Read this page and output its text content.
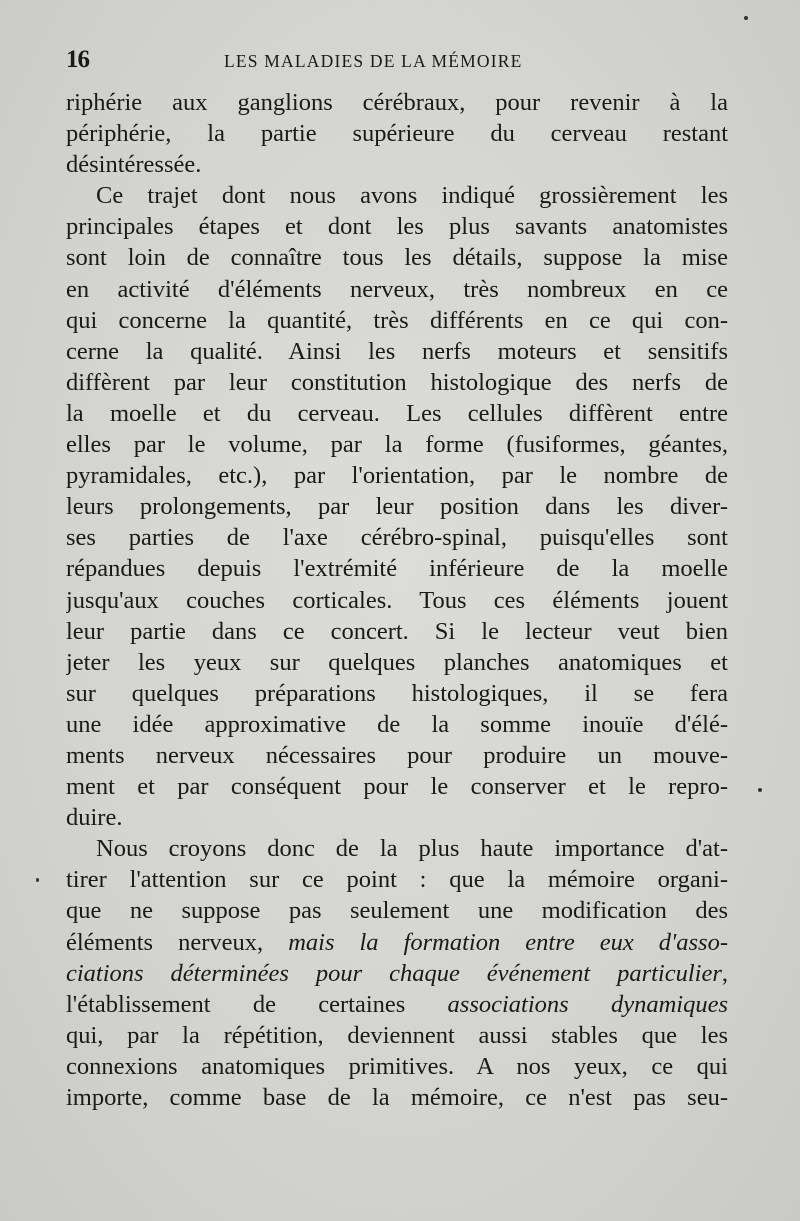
16	LES MALADIES DE LA MÉMOIRE
riphérie aux ganglions cérébraux, pour revenir à la
périphérie, la partie supérieure du cerveau restant
désintéressée.
Ce trajet dont nous avons indiqué grossièrement les
principales étapes et dont les plus savants anatomistes
sont loin de connaître tous les détails, suppose la mise
en activité d'éléments nerveux, très nombreux en ce
qui concerne la quantité, très différents en ce qui con-
cerne la qualité. Ainsi les nerfs moteurs et sensitifs
diffèrent par leur constitution histologique des nerfs de
la moelle et du cerveau. Les cellules diffèrent entre
elles par le volume, par la forme (fusiformes, géantes,
pyramidales, etc.), par l'orientation, par le nombre de
leurs prolongements, par leur position dans les diver-
ses parties de l'axe cérébro-spinal, puisqu'elles sont
répandues depuis l'extrémité inférieure de la moelle
jusqu'aux couches corticales. Tous ces éléments jouent
leur partie dans ce concert. Si le lecteur veut bien
jeter les yeux sur quelques planches anatomiques et
sur quelques préparations histologiques, il se fera
une idée approximative de la somme inouïe d'élé-
ments nerveux nécessaires pour produire un mouve-
ment et par conséquent pour le conserver et le repro-
duire.
Nous croyons donc de la plus haute importance d'at-
tirer l'attention sur ce point : que la mémoire organi-
que ne suppose pas seulement une modification des
éléments nerveux, mais la formation entre eux d'asso-
ciations déterminées pour chaque événement particulier,
l'établissement de certaines associations dynamiques
qui, par la répétition, deviennent aussi stables que les
connexions anatomiques primitives. A nos yeux, ce qui
importe, comme base de la mémoire, ce n'est pas seu-
